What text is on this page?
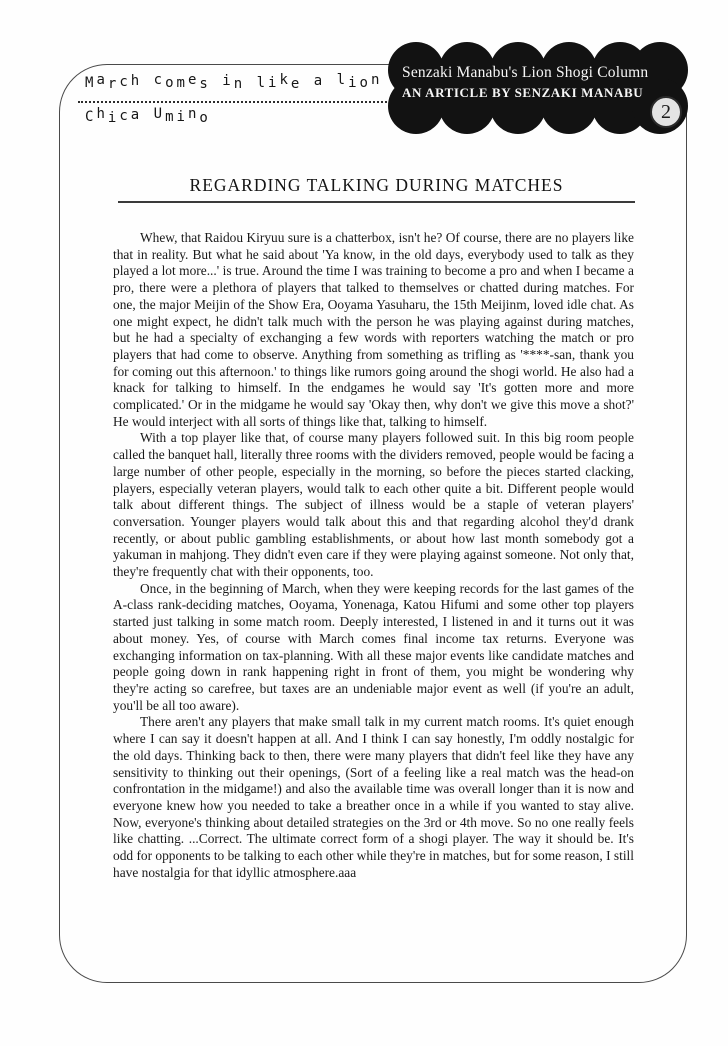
March comes in like a lion
Chica Umino
Senzaki Manabu's Lion Shogi Column
AN ARTICLE BY SENZAKI MANABU
2
REGARDING TALKING DURING MATCHES

Whew, that Raidou Kiryuu sure is a chatterbox, isn't he? Of course, there are no players like that in reality. But what he said about 'Ya know, in the old days, everybody used to talk as they played a lot more...' is true. Around the time I was training to become a pro and when I became a pro, there were a plethora of players that talked to themselves or chatted during matches. For one, the major Meijin of the Show Era, Ooyama Yasuharu, the 15th Meijinm, loved idle chat. As one might expect, he didn't talk much with the person he was playing against during matches, but he had a specialty of exchanging a few words with reporters watching the match or pro players that had come to observe. Anything from something as trifling as '****-san, thank you for coming out this afternoon.' to things like rumors going around the shogi world. He also had a knack for talking to himself. In the endgames he would say 'It's gotten more and more complicated.' Or in the midgame he would say 'Okay then, why don't we give this move a shot?' He would interject with all sorts of things like that, talking to himself.

With a top player like that, of course many players followed suit. In this big room people called the banquet hall, literally three rooms with the dividers removed, people would be facing a large number of other people, especially in the morning, so before the pieces started clacking, players, especially veteran players, would talk to each other quite a bit. Different people would talk about different things. The subject of illness would be a staple of veteran players' conversation. Younger players would talk about this and that regarding alcohol they'd drank recently, or about public gambling establishments, or about how last month somebody got a yakuman in mahjong. They didn't even care if they were playing against someone. Not only that, they're frequently chat with their opponents, too.

Once, in the beginning of March, when they were keeping records for the last games of the A-class rank-deciding matches, Ooyama, Yonenaga, Katou Hifumi and some other top players started just talking in some match room. Deeply interested, I listened in and it turns out it was about money. Yes, of course with March comes final income tax returns. Everyone was exchanging information on tax-planning. With all these major events like candidate matches and people going down in rank happening right in front of them, you might be wondering why they're acting so carefree, but taxes are an undeniable major event as well (if you're an adult, you'll be all too aware).

There aren't any players that make small talk in my current match rooms. It's quiet enough where I can say it doesn't happen at all. And I think I can say honestly, I'm oddly nostalgic for the old days. Thinking back to then, there were many players that didn't feel like they have any sensitivity to thinking out their openings, (Sort of a feeling like a real match was the head-on confrontation in the midgame!) and also the available time was overall longer than it is now and everyone knew how you needed to take a breather once in a while if you wanted to stay alive. Now, everyone's thinking about detailed strategies on the 3rd or 4th move. So no one really feels like chatting. ...Correct. The ultimate correct form of a shogi player. The way it should be. It's odd for opponents to be talking to each other while they're in matches, but for some reason, I still have nostalgia for that idyllic atmosphere.aaa
